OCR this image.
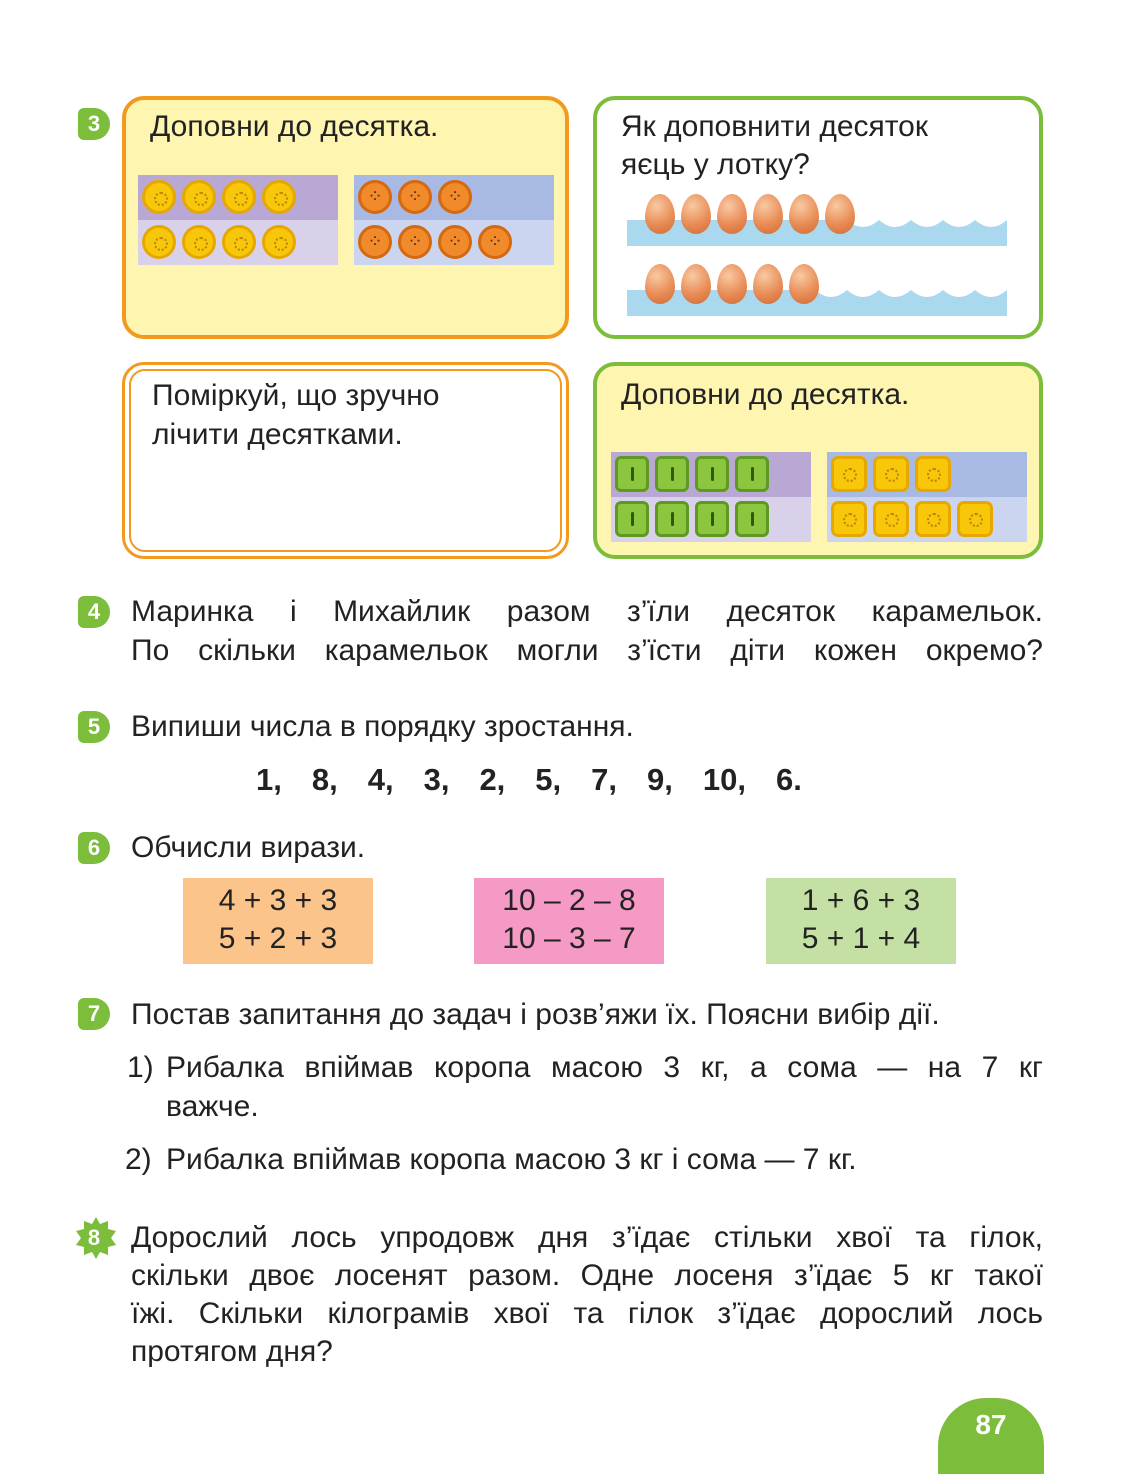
3	Доповни до десятка.
⁘
⁘
⁘
⁘
⁘
⁘
⁘	Як доповнити десяток
яєць у лотку?
Поміркуй, що зручно
лічити десятками.
Доповни до десятка.
4	Маринка і Михайлик разом з’їли десяток карамельок.
По скільки карамельок могли з’їсти діти кожен окремо?
5	Випиши числа в порядку зростання.
1, 8, 4, 3, 2, 5, 7, 9, 10, 6.
6	Обчисли вирази.
4 + 3 + 3
5 + 2 + 3
10 – 2 – 8
10 – 3 – 7
1 + 6 + 3
5 + 1 + 4
7	Постав запитання до задач і розв’яжи їх. Поясни вибір дії.
1) Рибалка впіймав коропа масою 3 кг, а сома — на 7 кг
важче.
2) Рибалка впіймав коропа масою 3 кг і сома — 7 кг.
8	Дорослий лось упродовж дня з’їдає стільки хвої та гілок,
скільки двоє лосенят разом. Одне лосеня з’їдає 5 кг такої
їжі. Скільки кілограмів хвої та гілок з’їдає дорослий лось
протягом дня?
87
